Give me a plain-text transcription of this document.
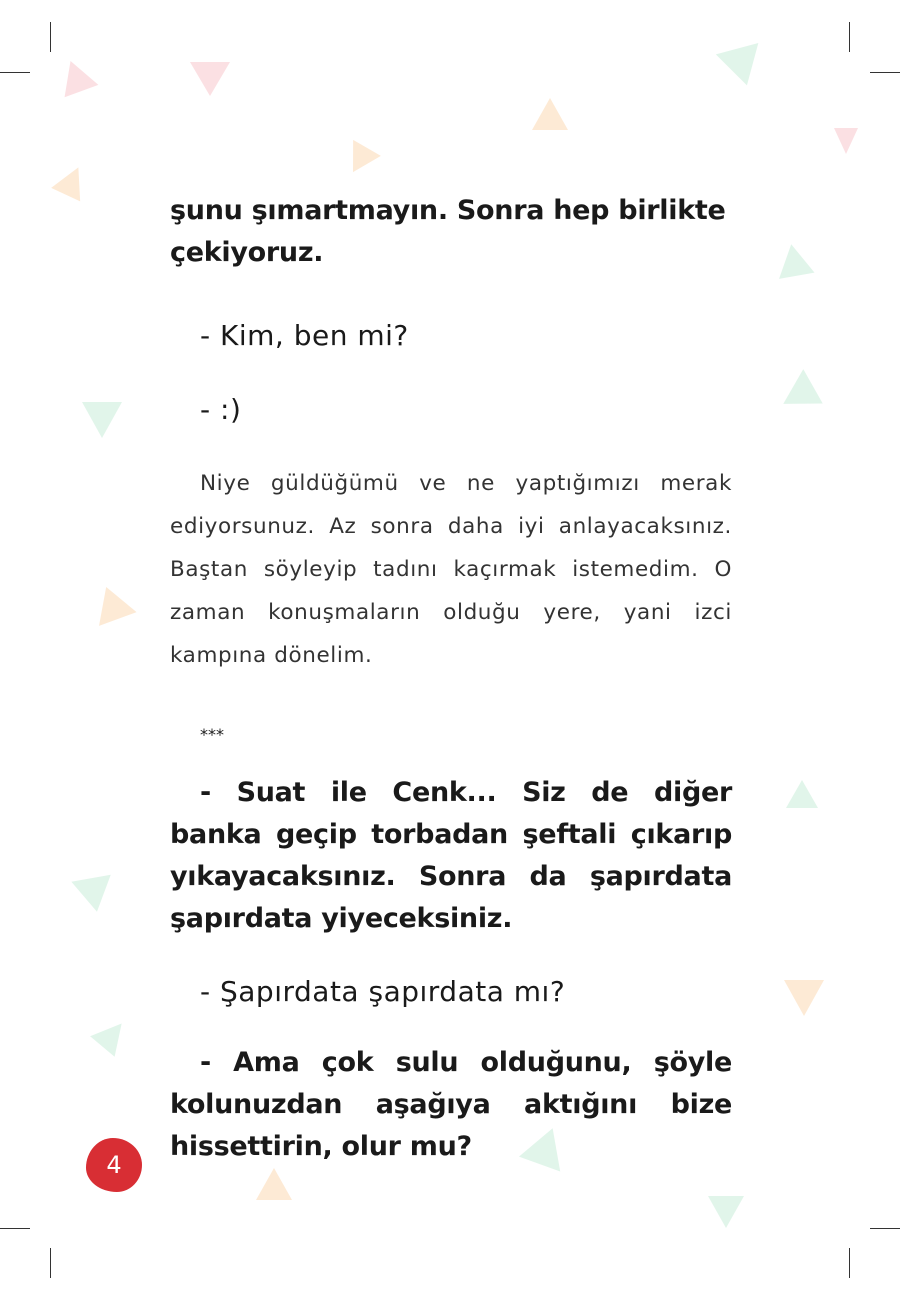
şunu şımartmayın. Sonra hep birlikte çekiyoruz.

- Kim, ben mi?

- :)

Niye güldüğümü ve ne yaptığımızı merak ediyorsunuz. Az sonra daha iyi anlayacaksınız. Baştan söyleyip tadını kaçırmak istemedim. O zaman konuşmaların olduğu yere, yani izci kampına dönelim.

***

- Suat ile Cenk... Siz de diğer banka geçip torbadan şeftali çıkarıp yıkayacaksınız. Sonra da şapırdata şapırdata yiyeceksiniz.

- Şapırdata şapırdata mı?

- Ama çok sulu olduğunu, şöyle kolunuzdan aşağıya aktığını bize hissettirin, olur mu?

4
